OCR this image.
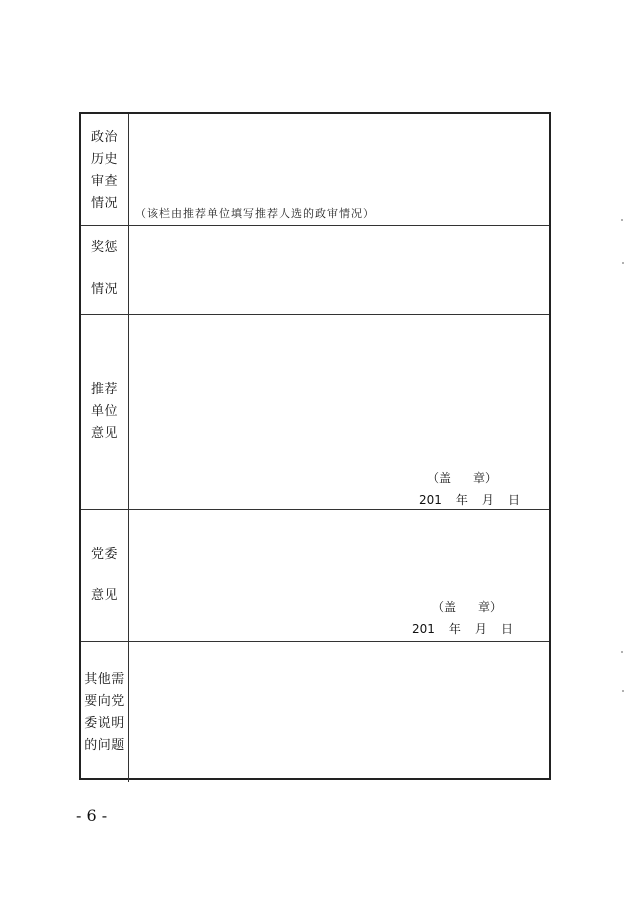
政治
历史
审查
情况
（该栏由推荐单位填写推荐人选的政审情况）
奖惩
情况
推荐
单位
意见
（盖 章）
201 年 月 日
党委
意见
（盖 章）
201 年 月 日
其他需
要向党
委说明
的问题
- 6 -
